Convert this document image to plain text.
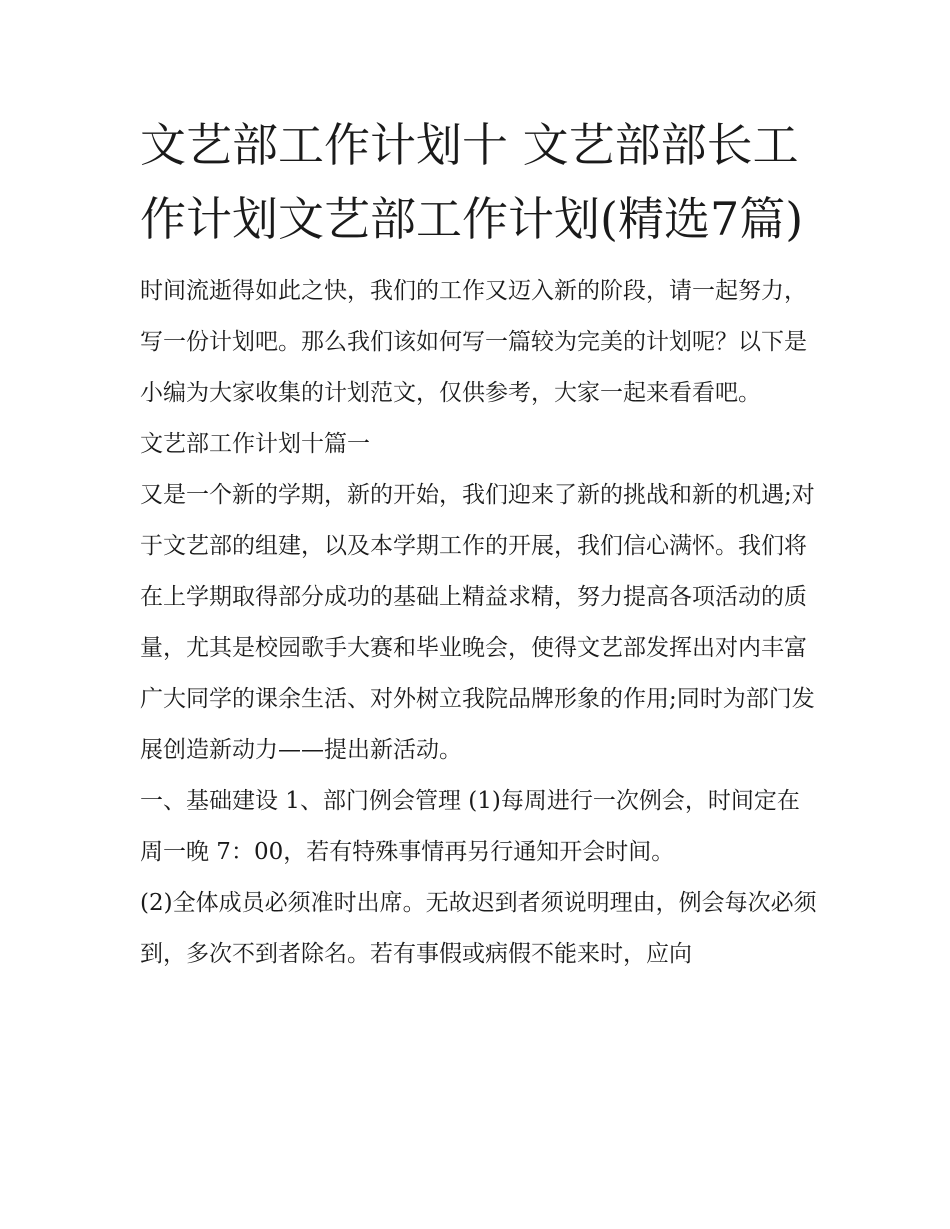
文艺部工作计划十 文艺部部长工作计划文艺部工作计划(精选7篇)

时间流逝得如此之快，我们的工作又迈入新的阶段，请一起努力，写一份计划吧。那么我们该如何写一篇较为完美的计划呢？以下是小编为大家收集的计划范文，仅供参考，大家一起来看看吧。

文艺部工作计划十篇一

又是一个新的学期，新的开始，我们迎来了新的挑战和新的机遇;对于文艺部的组建，以及本学期工作的开展，我们信心满怀。我们将在上学期取得部分成功的基础上精益求精，努力提高各项活动的质量，尤其是校园歌手大赛和毕业晚会，使得文艺部发挥出对内丰富广大同学的课余生活、对外树立我院品牌形象的作用;同时为部门发展创造新动力——提出新活动。

一、基础建设 1、部门例会管理 (1)每周进行一次例会，时间定在周一晚 7：00，若有特殊事情再另行通知开会时间。

(2)全体成员必须准时出席。无故迟到者须说明理由，例会每次必须到，多次不到者除名。若有事假或病假不能来时，应向
